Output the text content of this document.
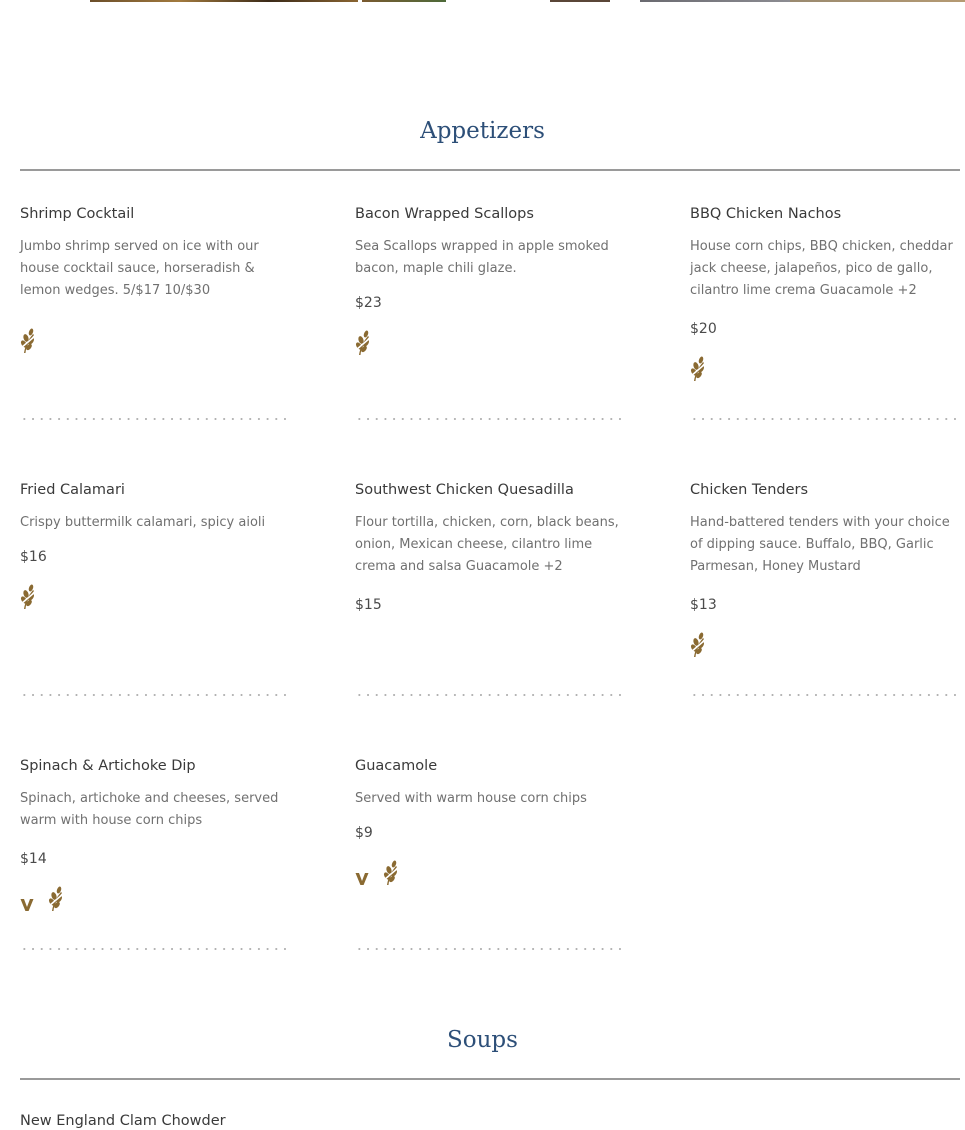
Appetizers
Shrimp Cocktail

Jumbo shrimp served on ice with our house cocktail sauce, horseradish & lemon wedges. 5/$17 10/$30

Bacon Wrapped Scallops

Sea Scallops wrapped in apple smoked bacon, maple chili glaze.

$23

BBQ Chicken Nachos

House corn chips, BBQ chicken, cheddar jack cheese, jalapeños, pico de gallo, cilantro lime crema Guacamole +2

$20

Fried Calamari

Crispy buttermilk calamari, spicy aioli

$16

Southwest Chicken Quesadilla

Flour tortilla, chicken, corn, black beans, onion, Mexican cheese, cilantro lime crema and salsa Guacamole +2

$15

Chicken Tenders

Hand-battered tenders with your choice of dipping sauce. Buffalo, BBQ, Garlic Parmesan, Honey Mustard

$13

Spinach & Artichoke Dip

Spinach, artichoke and cheeses, served warm with house corn chips

$14

Guacamole

Served with warm house corn chips

$9

Soups
New England Clam Chowder
